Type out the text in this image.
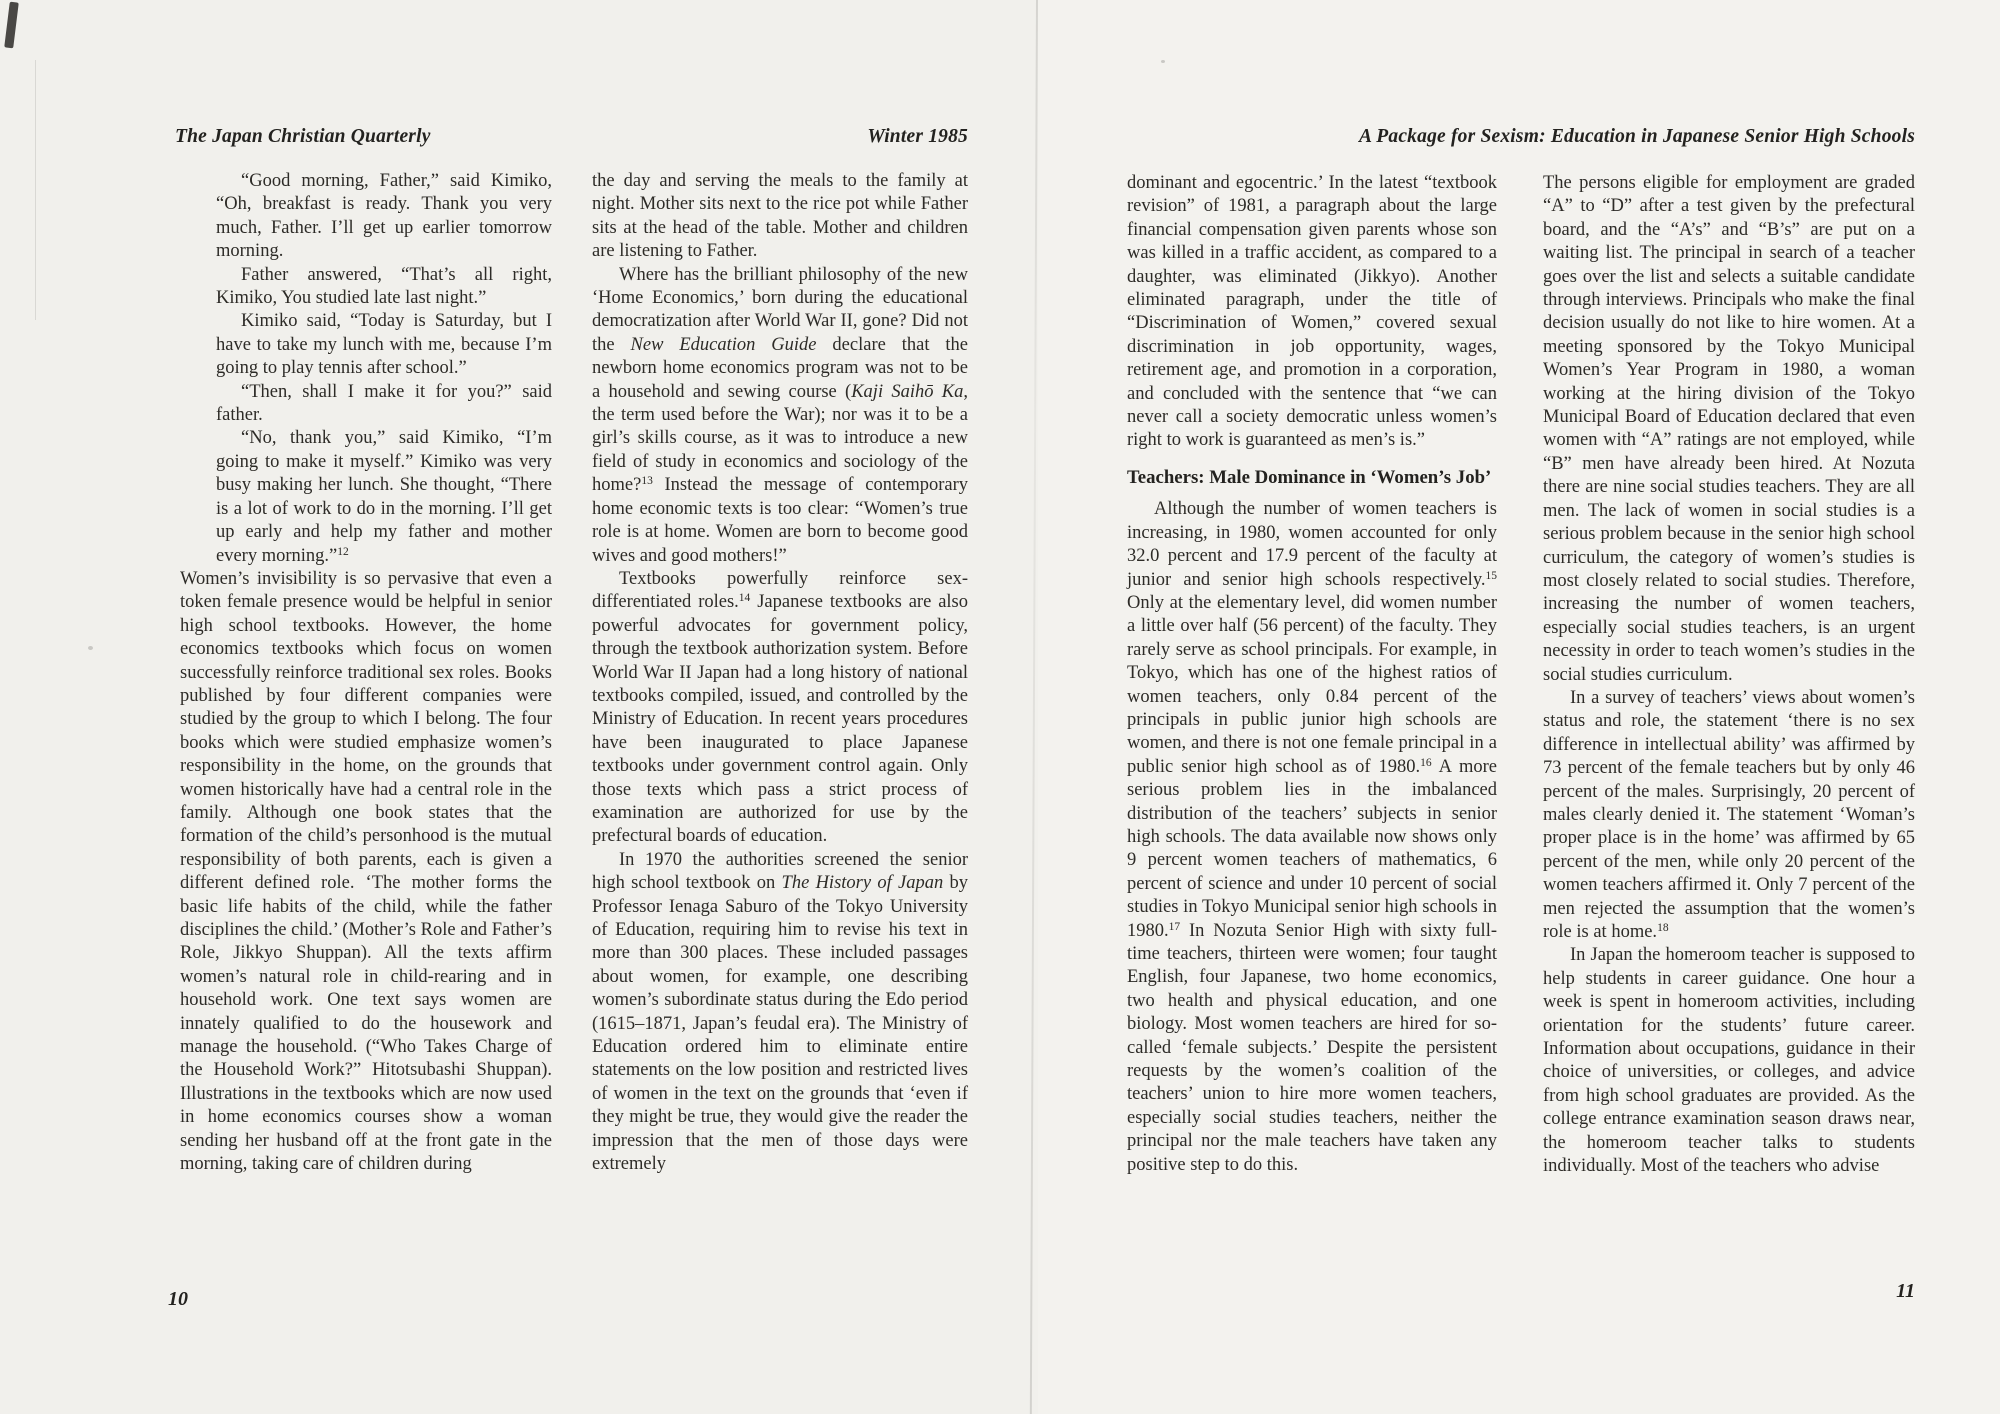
The Japan Christian Quarterly	Winter 1985

“Good morning, Father,” said Kimiko, “Oh, breakfast is ready. Thank you very much, Father. I’ll get up earlier tomorrow morning.

Father answered, “That’s all right, Kimiko, You studied late last night.”

Kimiko said, “Today is Saturday, but I have to take my lunch with me, because I’m going to play tennis after school.”

“Then, shall I make it for you?” said father.

“No, thank you,” said Kimiko, “I’m going to make it myself.” Kimiko was very busy making her lunch. She thought, “There is a lot of work to do in the morning. I’ll get up early and help my father and mother every morning.”$^{12}$

Women’s invisibility is so pervasive that even a token female presence would be helpful in senior high school textbooks. However, the home economics textbooks which focus on women successfully reinforce traditional sex roles. Books published by four different companies were studied by the group to which I belong. The four books which were studied emphasize women’s responsibility in the home, on the grounds that women historically have had a central role in the family. Although one book states that the formation of the child’s personhood is the mutual responsibility of both parents, each is given a different defined role. ‘The mother forms the basic life habits of the child, while the father disciplines the child.’ (Mother’s Role and Father’s Role, Jikkyo Shuppan). All the texts affirm women’s natural role in child-rearing and in household work. One text says women are innately qualified to do the housework and manage the household. (“Who Takes Charge of the Household Work?” Hitotsubashi Shuppan). Illustrations in the textbooks which are now used in home economics courses show a woman sending her husband off at the front gate in the morning, taking care of children during

the day and serving the meals to the family at night. Mother sits next to the rice pot while Father sits at the head of the table. Mother and children are listening to Father.

Where has the brilliant philosophy of the new ‘Home Economics,’ born during the educational democratization after World War II, gone? Did not the New Education Guide declare that the newborn home economics program was not to be a household and sewing course (Kaji Saihō Ka, the term used before the War); nor was it to be a girl’s skills course, as it was to introduce a new field of study in economics and sociology of the home?$^{13}$ Instead the message of contemporary home economic texts is too clear: “Women’s true role is at home. Women are born to become good wives and good mothers!”

Textbooks powerfully reinforce sex-differentiated roles.$^{14}$ Japanese textbooks are also powerful advocates for government policy, through the textbook authorization system. Before World War II Japan had a long history of national textbooks compiled, issued, and controlled by the Ministry of Education. In recent years procedures have been inaugurated to place Japanese textbooks under government control again. Only those texts which pass a strict process of examination are authorized for use by the prefectural boards of education.

In 1970 the authorities screened the senior high school textbook on The History of Japan by Professor Ienaga Saburo of the Tokyo University of Education, requiring him to revise his text in more than 300 places. These included passages about women, for example, one describing women’s subordinate status during the Edo period (1615–1871, Japan’s feudal era). The Ministry of Education ordered him to eliminate entire statements on the low position and restricted lives of women in the text on the grounds that ‘even if they might be true, they would give the reader the impression that the men of those days were extremely

10
A Package for Sexism: Education in Japanese Senior High Schools

dominant and egocentric.’ In the latest “textbook revision” of 1981, a paragraph about the large financial compensation given parents whose son was killed in a traffic accident, as compared to a daughter, was eliminated (Jikkyo). Another eliminated paragraph, under the title of “Discrimination of Women,” covered sexual discrimination in job opportunity, wages, retirement age, and promotion in a corporation, and concluded with the sentence that “we can never call a society democratic unless women’s right to work is guaranteed as men’s is.”

Teachers: Male Dominance in ‘Women’s Job’

Although the number of women teachers is increasing, in 1980, women accounted for only 32.0 percent and 17.9 percent of the faculty at junior and senior high schools respectively.$^{15}$ Only at the elementary level, did women number a little over half (56 percent) of the faculty. They rarely serve as school principals. For example, in Tokyo, which has one of the highest ratios of women teachers, only 0.84 percent of the principals in public junior high schools are women, and there is not one female principal in a public senior high school as of 1980.16 A more serious problem lies in the imbalanced distribution of the teachers’ subjects in senior high schools. The data available now shows only 9 percent women teachers of mathematics, 6 percent of science and under 10 percent of social studies in Tokyo Municipal senior high schools in 1980.17 In Nozuta Senior High with sixty full-time teachers, thirteen were women; four taught English, four Japanese, two home economics, two health and physical education, and one biology. Most women teachers are hired for so-called ‘female subjects.’ Despite the persistent requests by the women’s coalition of the teachers’ union to hire more women teachers, especially social studies teachers, neither the principal nor the male teachers have taken any positive step to do this.

The persons eligible for employment are graded “A” to “D” after a test given by the prefectural board, and the “A’s” and “B’s” are put on a waiting list. The principal in search of a teacher goes over the list and selects a suitable candidate through interviews. Principals who make the final decision usually do not like to hire women. At a meeting sponsored by the Tokyo Municipal Women’s Year Program in 1980, a woman working at the hiring division of the Tokyo Municipal Board of Education declared that even women with “A” ratings are not employed, while “B” men have already been hired. At Nozuta there are nine social studies teachers. They are all men. The lack of women in social studies is a serious problem because in the senior high school curriculum, the category of women’s studies is most closely related to social studies. Therefore, increasing the number of women teachers, especially social studies teachers, is an urgent necessity in order to teach women’s studies in the social studies curriculum.

In a survey of teachers’ views about women’s status and role, the statement ‘there is no sex difference in intellectual ability’ was affirmed by 73 percent of the female teachers but by only 46 percent of the males. Surprisingly, 20 percent of males clearly denied it. The statement ‘Woman’s proper place is in the home’ was affirmed by 65 percent of the men, while only 20 percent of the women teachers affirmed it. Only 7 percent of the men rejected the assumption that the women’s role is at home.$^{18}$

In Japan the homeroom teacher is supposed to help students in career guidance. One hour a week is spent in homeroom activities, including orientation for the students’ future career. Information about occupations, guidance in their choice of universities, or colleges, and advice from high school graduates are provided. As the college entrance examination season draws near, the homeroom teacher talks to students individually. Most of the teachers who advise

11
